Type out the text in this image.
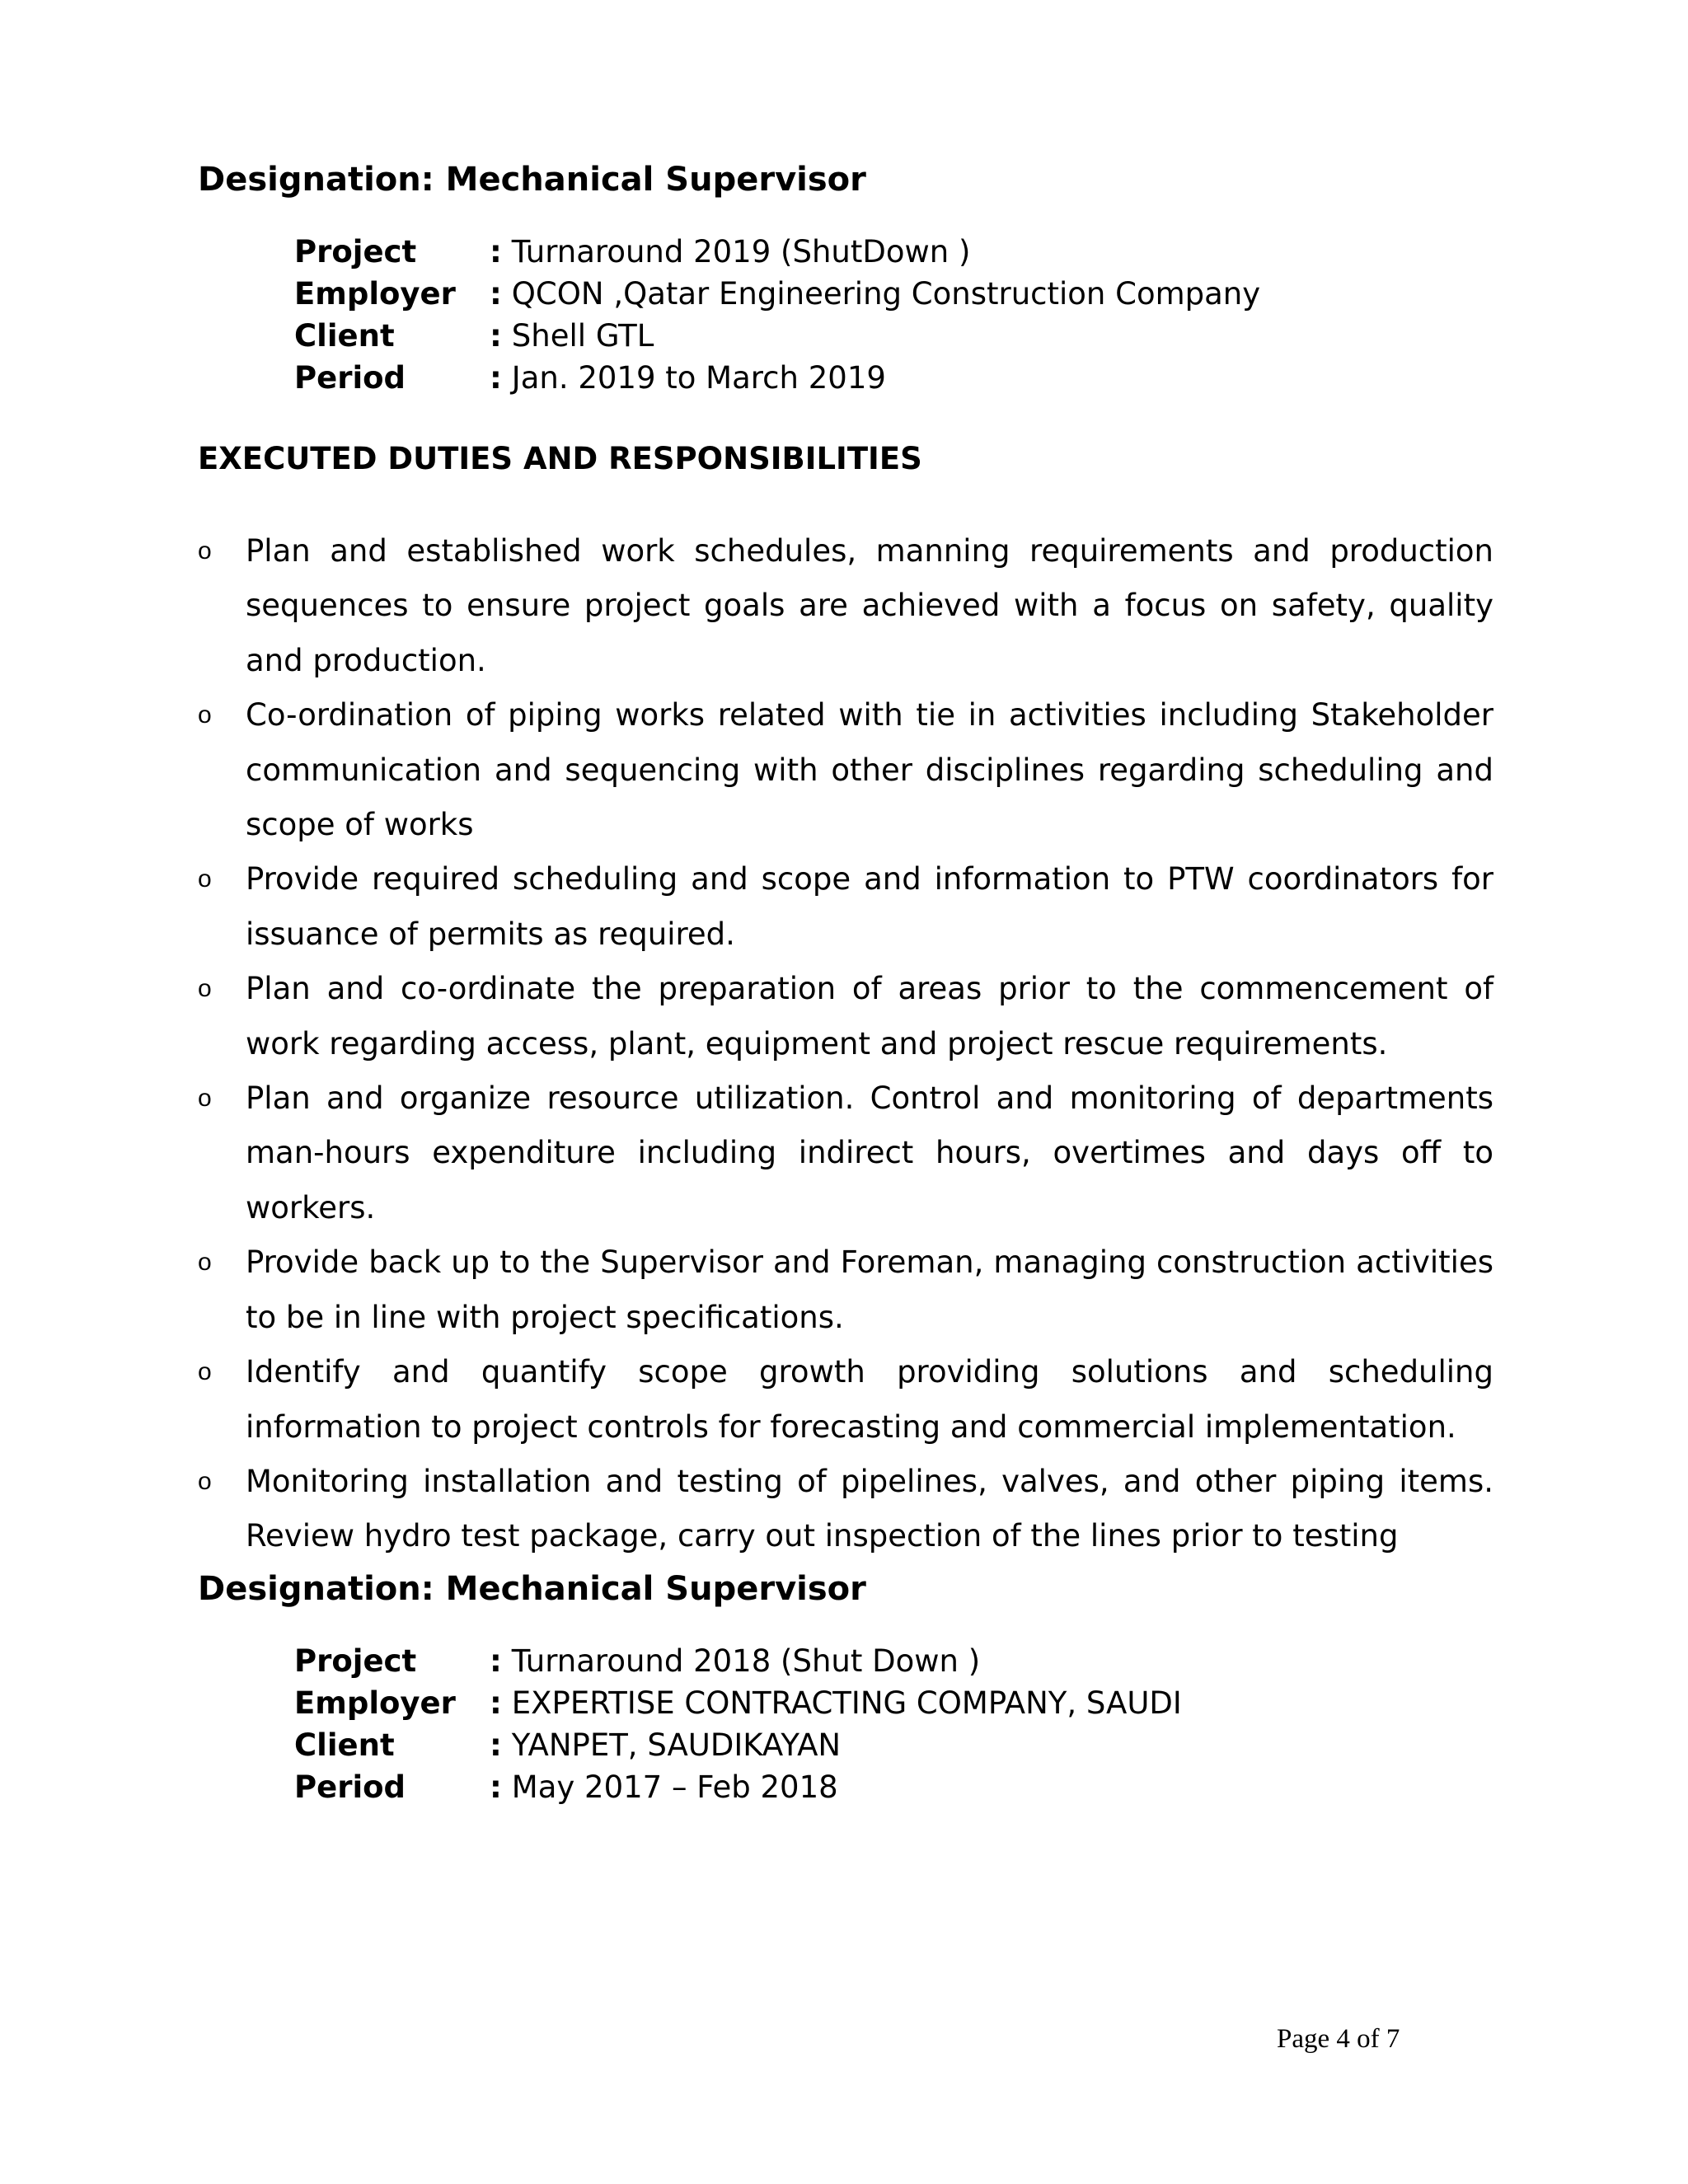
Designation: Mechanical Supervisor
Project	: Turnaround 2019 (ShutDown )
Employer	: QCON ,Qatar Engineering Construction Company
Client	: Shell GTL
Period	: Jan. 2019 to March 2019
EXECUTED DUTIES AND RESPONSIBILITIES
o Plan and established work schedules, manning requirements and production sequences to ensure project goals are achieved with a focus on safety, quality and production.
o Co-ordination of piping works related with tie in activities including Stakeholder communication and sequencing with other disciplines regarding scheduling and scope of works
o Provide required scheduling and scope and information to PTW coordinators for issuance of permits as required.
o Plan and co-ordinate the preparation of areas prior to the commencement of work regarding access, plant, equipment and project rescue requirements.
o Plan and organize resource utilization. Control and monitoring of departments man-hours expenditure including indirect hours, overtimes and days off to workers.
o Provide back up to the Supervisor and Foreman, managing construction activities to be in line with project specifications.
o Identify and quantify scope growth providing solutions and scheduling information to project controls for forecasting and commercial implementation.
o Monitoring installation and testing of pipelines, valves, and other piping items. Review hydro test package, carry out inspection of the lines prior to testing
Designation: Mechanical Supervisor
Project	: Turnaround 2018 (Shut Down )
Employer	: EXPERTISE CONTRACTING COMPANY, SAUDI
Client	: YANPET, SAUDIKAYAN
Period	: May 2017 – Feb 2018
Page 4 of 7
